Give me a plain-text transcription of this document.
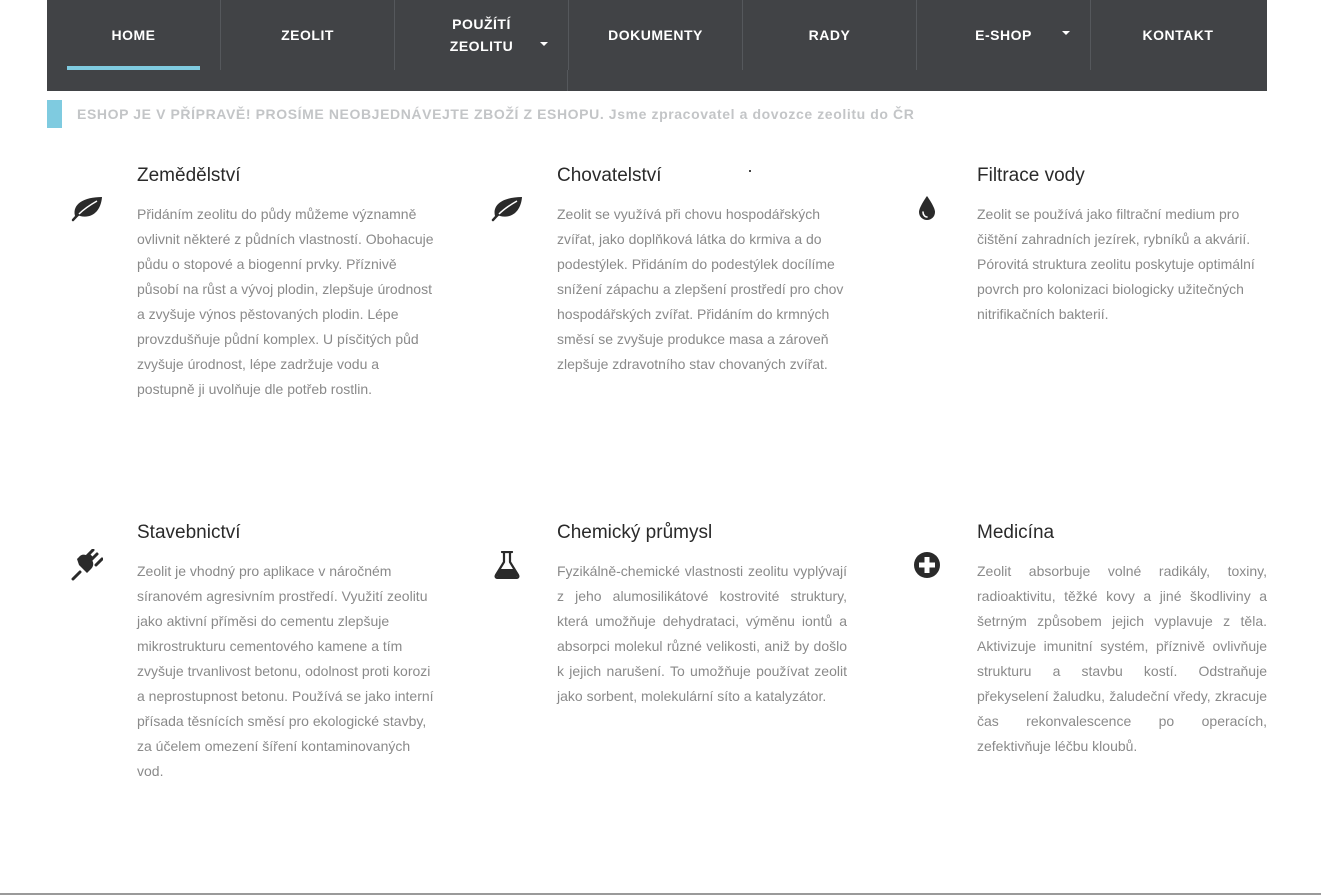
HOME	ZEOLIT
POUŽÍTÍ ZEOLITU
DOKUMENTY	RADY	E-SHOP	KONTAKT
ESHOP JE V PŘÍPRAVĚ! PROSÍME NEOBJEDNÁVEJTE ZBOŽÍ Z ESHOPU. Jsme zpracovatel a dovozce zeolitu do ČR
Zemědělství

Přidáním zeolitu do půdy můžeme významně ovlivnit některé z půdních vlastností. Obohacuje půdu o stopové a biogenní prvky. Příznivě působí na růst a vývoj plodin, zlepšuje úrodnost a zvyšuje výnos pěstovaných plodin. Lépe provzdušňuje půdní komplex. U písčitých půd zvyšuje úrodnost, lépe zadržuje vodu a postupně ji uvolňuje dle potřeb rostlin.

Chovatelství

Zeolit se využívá při chovu hospodářských zvířat, jako doplňková látka do krmiva a do podestýlek. Přidáním do podestýlek docílíme snížení zápachu a zlepšení prostředí pro chov hospodářských zvířat. Přidáním do krmných směsí se zvyšuje produkce masa a zároveň zlepšuje zdravotního stav chovaných zvířat.

Filtrace vody

Zeolit se používá jako filtrační medium pro čištění zahradních jezírek, rybníků a akvárií. Pórovitá struktura zeolitu poskytuje optimální povrch pro kolonizaci biologicky užitečných nitrifikačních bakterií.

Stavebnictví

Zeolit je vhodný pro aplikace v náročném síranovém agresivním prostředí. Využití zeolitu jako aktivní příměsi do cementu zlepšuje mikrostrukturu cementového kamene a tím zvyšuje trvanlivost betonu, odolnost proti korozi a neprostupnost betonu. Používá se jako interní přísada těsnících směsí pro ekologické stavby, za účelem omezení šíření kontaminovaných vod.

Chemický průmysl

Fyzikálně-chemické vlastnosti zeolitu vyplývají z jeho alumosilikátové kostrovité struktury, která umožňuje dehydrataci, výměnu iontů a absorpci molekul různé velikosti, aniž by došlo k jejich narušení. To umožňuje používat zeolit jako sorbent, molekulární síto a katalyzátor.

Medicína

Zeolit absorbuje volné radikály, toxiny, radioaktivitu, těžké kovy a jiné škodliviny a šetrným způsobem jejich vyplavuje z těla. Aktivizuje imunitní systém, příznivě ovlivňuje strukturu a stavbu kostí. Odstraňuje překyselení žaludku, žaludeční vředy, zkracuje čas rekonvalescence po operacích, zefektivňuje léčbu kloubů.
